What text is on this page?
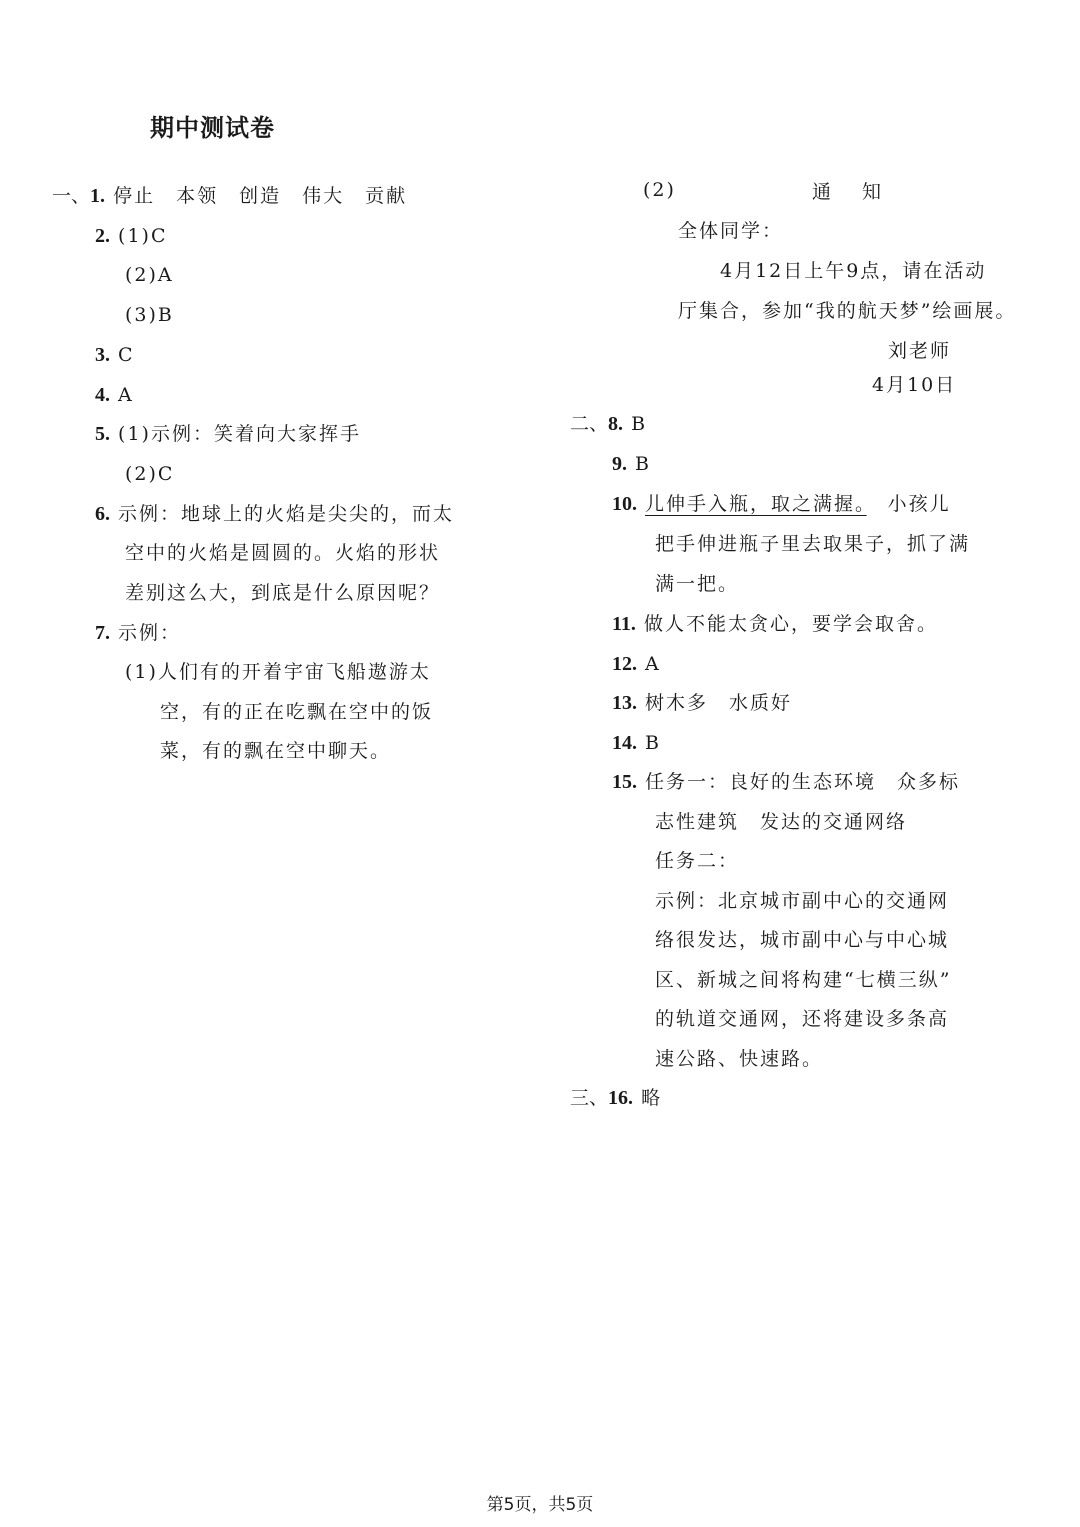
期中测试卷
一、1. 停止　本领　创造　伟大　贡献
2. (1)C
(2)A
(3)B
3. C
4. A
5. (1)示例：笑着向大家挥手
(2)C
6. 示例：地球上的火焰是尖尖的，而太
空中的火焰是圆圆的。火焰的形状
差别这么大，到底是什么原因呢？
7. 示例：
(1)人们有的开着宇宙飞船遨游太
空，有的正在吃飘在空中的饭
菜，有的飘在空中聊天。
(2)	通　知
全体同学：
4月12日上午9点，请在活动
厅集合，参加“我的航天梦”绘画展。
刘老师
4月10日
二、8. B
9. B
10. 儿伸手入瓶，取之满握。　小孩儿
把手伸进瓶子里去取果子，抓了满
满一把。
11. 做人不能太贪心，要学会取舍。
12. A
13. 树木多　水质好
14. B
15. 任务一：良好的生态环境　众多标
志性建筑　发达的交通网络
任务二：
示例：北京城市副中心的交通网
络很发达，城市副中心与中心城
区、新城之间将构建“七横三纵”
的轨道交通网，还将建设多条高
速公路、快速路。
三、16. 略
第5页，共5页
